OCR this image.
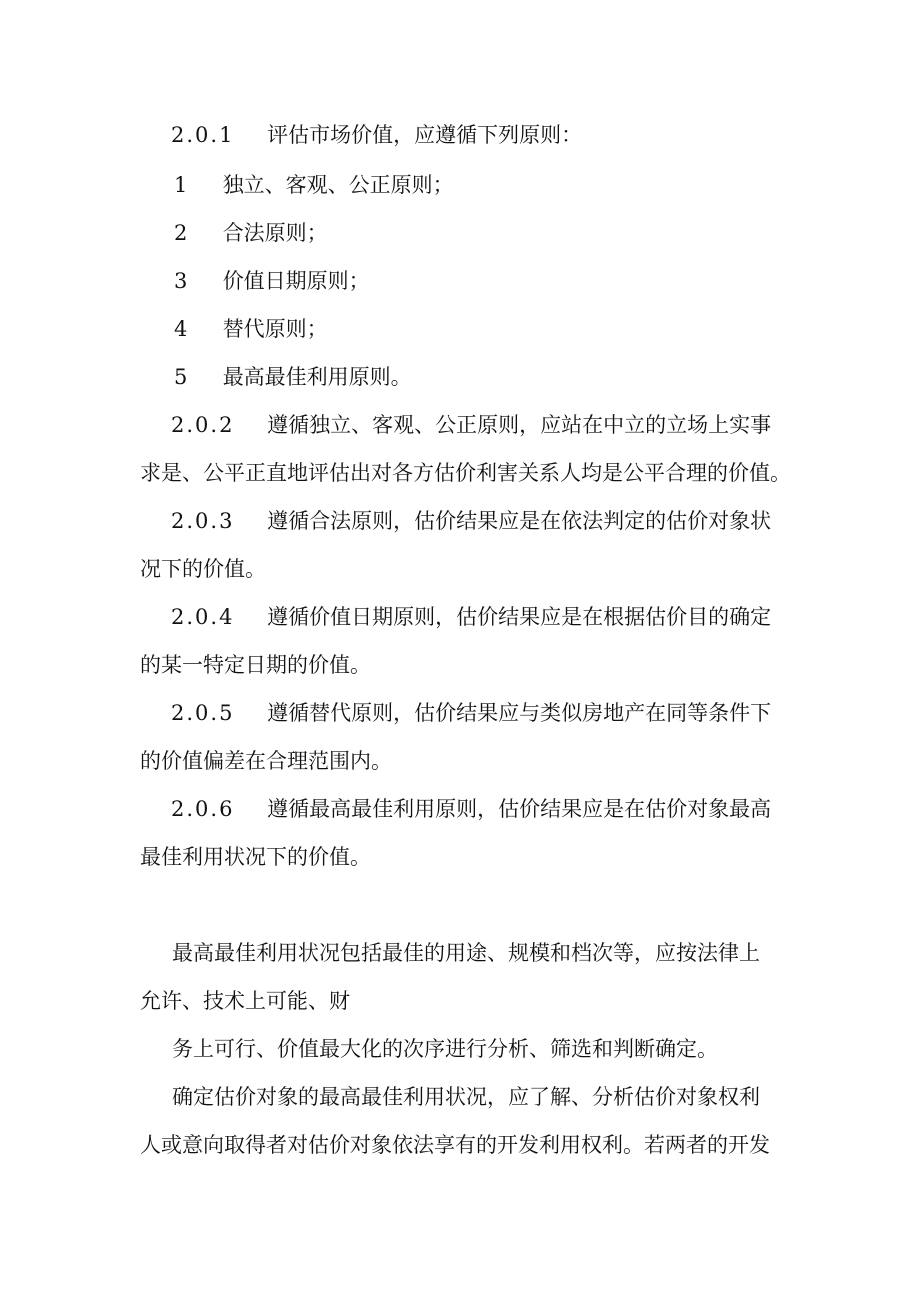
2.0.1 评估市场价值，应遵循下列原则：
1 独立、客观、公正原则；
2 合法原则；
3 价值日期原则；
4 替代原则；
5 最高最佳利用原则。
2.0.2 遵循独立、客观、公正原则，应站在中立的立场上实事
求是、公平正直地评估出对各方估价利害关系人均是公平合理的价值。
2.0.3 遵循合法原则，估价结果应是在依法判定的估价对象状
况下的价值。
2.0.4 遵循价值日期原则，估价结果应是在根据估价目的确定
的某一特定日期的价值。
2.0.5 遵循替代原则，估价结果应与类似房地产在同等条件下
的价值偏差在合理范围内。
2.0.6 遵循最高最佳利用原则，估价结果应是在估价对象最高
最佳利用状况下的价值。
最高最佳利用状况包括最佳的用途、规模和档次等，应按法律上
允许、技术上可能、财
务上可行、价值最大化的次序进行分析、筛选和判断确定。
确定估价对象的最高最佳利用状况，应了解、分析估价对象权利
人或意向取得者对估价对象依法享有的开发利用权利。若两者的开发
